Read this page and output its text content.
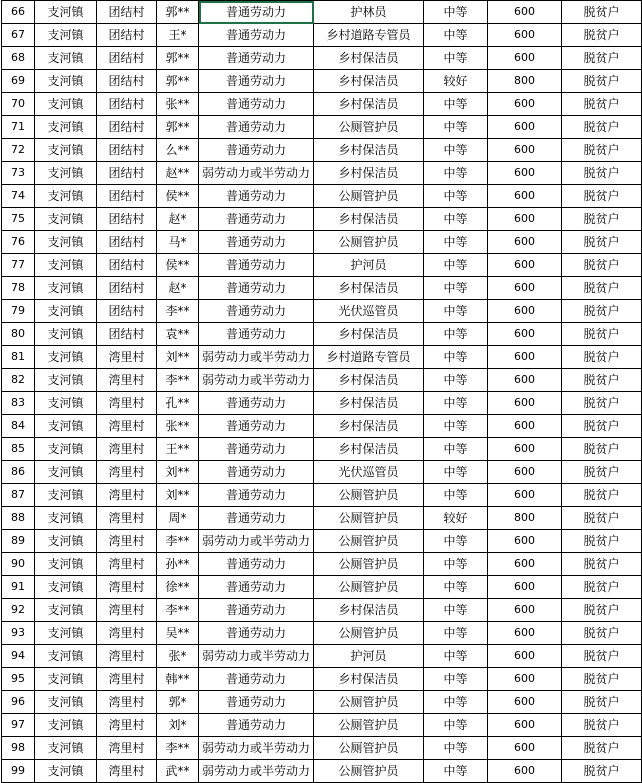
66	支河镇	团结村	郭**	普通劳动力	护林员	中等	600	脱贫户
67	支河镇	团结村	王*	普通劳动力	乡村道路专管员	中等	600	脱贫户
68	支河镇	团结村	郭**	普通劳动力	乡村保洁员	中等	600	脱贫户
69	支河镇	团结村	郭**	普通劳动力	乡村保洁员	较好	800	脱贫户
70	支河镇	团结村	张**	普通劳动力	乡村保洁员	中等	600	脱贫户
71	支河镇	团结村	郭**	普通劳动力	公厕管护员	中等	600	脱贫户
72	支河镇	团结村	么**	普通劳动力	乡村保洁员	中等	600	脱贫户
73	支河镇	团结村	赵**	弱劳动力或半劳动力	乡村保洁员	中等	600	脱贫户
74	支河镇	团结村	侯**	普通劳动力	公厕管护员	中等	600	脱贫户
75	支河镇	团结村	赵*	普通劳动力	乡村保洁员	中等	600	脱贫户
76	支河镇	团结村	马*	普通劳动力	公厕管护员	中等	600	脱贫户
77	支河镇	团结村	侯**	普通劳动力	护河员	中等	600	脱贫户
78	支河镇	团结村	赵*	普通劳动力	乡村保洁员	中等	600	脱贫户
79	支河镇	团结村	李**	普通劳动力	光伏巡管员	中等	600	脱贫户
80	支河镇	团结村	袁**	普通劳动力	乡村保洁员	中等	600	脱贫户
81	支河镇	湾里村	刘**	弱劳动力或半劳动力	乡村道路专管员	中等	600	脱贫户
82	支河镇	湾里村	李**	弱劳动力或半劳动力	乡村保洁员	中等	600	脱贫户
83	支河镇	湾里村	孔**	普通劳动力	乡村保洁员	中等	600	脱贫户
84	支河镇	湾里村	张**	普通劳动力	乡村保洁员	中等	600	脱贫户
85	支河镇	湾里村	王**	普通劳动力	乡村保洁员	中等	600	脱贫户
86	支河镇	湾里村	刘**	普通劳动力	光伏巡管员	中等	600	脱贫户
87	支河镇	湾里村	刘**	普通劳动力	公厕管护员	中等	600	脱贫户
88	支河镇	湾里村	周*	普通劳动力	公厕管护员	较好	800	脱贫户
89	支河镇	湾里村	李**	弱劳动力或半劳动力	公厕管护员	中等	600	脱贫户
90	支河镇	湾里村	孙**	普通劳动力	公厕管护员	中等	600	脱贫户
91	支河镇	湾里村	徐**	普通劳动力	公厕管护员	中等	600	脱贫户
92	支河镇	湾里村	李**	普通劳动力	乡村保洁员	中等	600	脱贫户
93	支河镇	湾里村	吴**	普通劳动力	公厕管护员	中等	600	脱贫户
94	支河镇	湾里村	张*	弱劳动力或半劳动力	护河员	中等	600	脱贫户
95	支河镇	湾里村	韩**	普通劳动力	乡村保洁员	中等	600	脱贫户
96	支河镇	湾里村	郭*	普通劳动力	公厕管护员	中等	600	脱贫户
97	支河镇	湾里村	刘*	普通劳动力	公厕管护员	中等	600	脱贫户
98	支河镇	湾里村	李**	弱劳动力或半劳动力	公厕管护员	中等	600	脱贫户
99	支河镇	湾里村	武**	弱劳动力或半劳动力	公厕管护员	中等	600	脱贫户
